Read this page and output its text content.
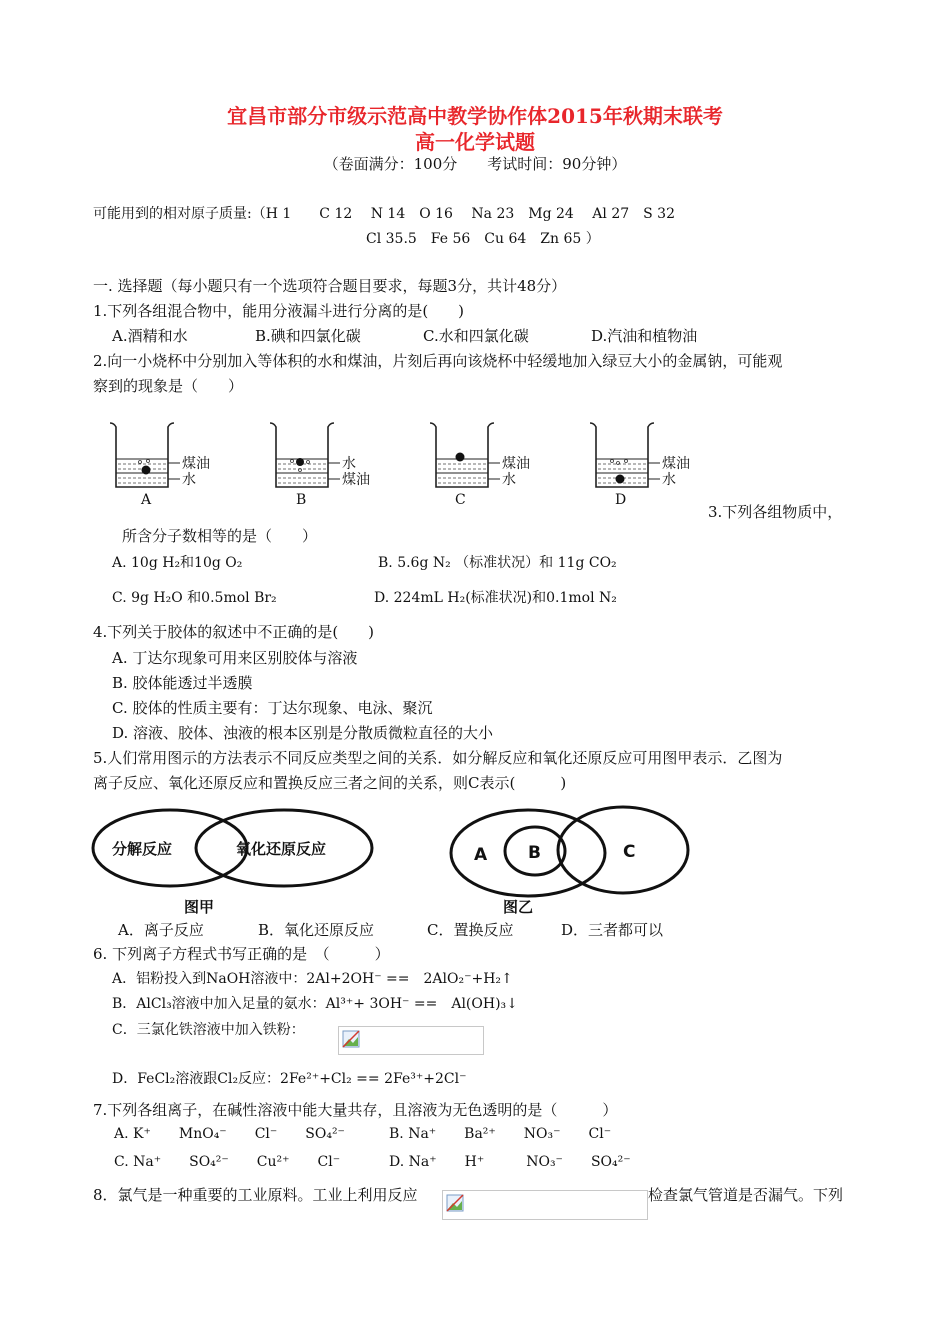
宜昌市部分市级示范高中教学协作体2015年秋期末联考
高一化学试题
（卷面满分：100分　　考试时间：90分钟）
可能用到的相对原子质量:（H 1　　C 12　 N 14　O 16　 Na 23　Mg 24　 Al 27　S 32
Cl 35.5　Fe 56　Cu 64　Zn 65 ）
一. 选择题（每小题只有一个选项符合题目要求，每题3分，共计48分）
1.下列各组混合物中，能用分液漏斗进行分离的是(　　)
A.酒精和水	B.碘和四氯化碳	C.水和四氯化碳	D.汽油和植物油
2.向一小烧杯中分别加入等体积的水和煤油，片刻后再向该烧杯中轻缓地加入绿豆大小的金属钠，可能观
察到的现象是（　　）
煤油
水
A
水
煤油
B
煤油
水
C
煤油
水
D
3.下列各组物质中，
所含分子数相等的是（　　）
A. 10g H₂和10g O₂	B. 5.6g N₂ （标准状况）和 11g CO₂
C. 9g H₂O 和0.5mol Br₂	D. 224mL H₂(标准状况)和0.1mol N₂
4.下列关于胶体的叙述中不正确的是(　　)
A. 丁达尔现象可用来区别胶体与溶液
B. 胶体能透过半透膜
C. 胶体的性质主要有：丁达尔现象、电泳、聚沉
D. 溶液、胶体、浊液的根本区别是分散质微粒直径的大小
5.人们常用图示的方法表示不同反应类型之间的关系．如分解反应和氧化还原反应可用图甲表示．乙图为
离子反应、氧化还原反应和置换反应三者之间的关系，则C表示(　　　)
分解反应	氧化还原反应
图甲
A B	C
图乙
A．离子反应	B．氧化还原反应	C．置换反应	D．三者都可以
6. 下列离子方程式书写正确的是　（　　　）
A．铝粉投入到NaOH溶液中：2Al+2OH⁻ ==　2AlO₂⁻+H₂↑
B．AlCl₃溶液中加入足量的氨水：Al³⁺+ 3OH⁻ ==　Al(OH)₃↓
C．三氯化铁溶液中加入铁粉：
D．FeCl₂溶液跟Cl₂反应：2Fe²⁺+Cl₂ == 2Fe³⁺+2Cl⁻
7.下列各组离子，在碱性溶液中能大量共存，且溶液为无色透明的是（　　　）
A. K⁺　　MnO₄⁻　　Cl⁻　　SO₄²⁻	B. Na⁺　　Ba²⁺　　NO₃⁻　　Cl⁻
C. Na⁺　　SO₄²⁻　　Cu²⁺　　Cl⁻	D. Na⁺　　H⁺　　　NO₃⁻　　SO₄²⁻
8．氯气是一种重要的工业原料。工业上利用反应	检查氯气管道是否漏气。下列
